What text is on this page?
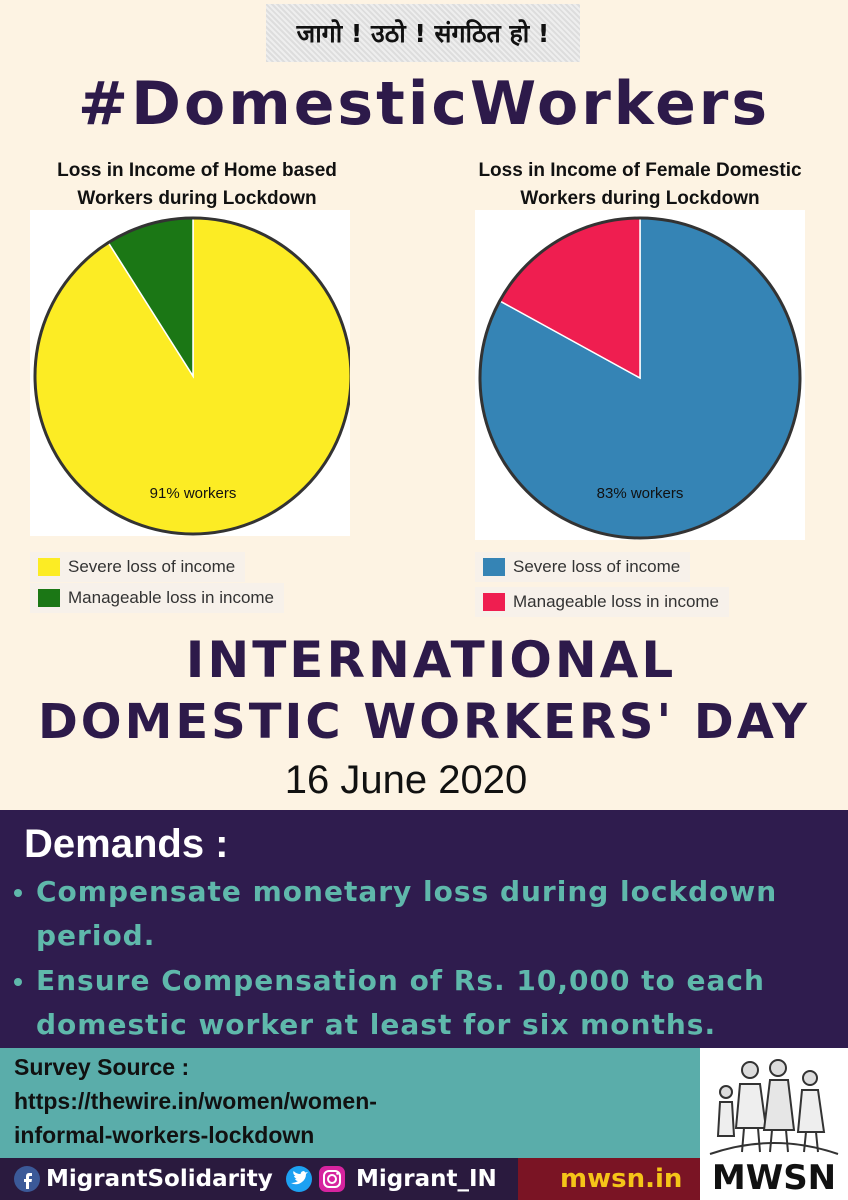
जागो ! उठो ! संगठित हो !
#DomesticWorkers
Loss in Income of Home based
Workers during Lockdown
91% workers
Severe loss of income
Manageable loss in income
Loss in Income of Female Domestic
Workers during Lockdown
83% workers
Severe loss of income
Manageable loss in income
INTERNATIONAL
DOMESTIC WORKERS' DAY
16 June 2020
Demands :
Compensate monetary loss during lockdown
period.
Ensure Compensation of Rs. 10,000 to each
domestic worker at least for six months.
Survey Source :
https://thewire.in/women/women-
informal-workers-lockdown
MWSN
MigrantSolidarity	Migrant_IN mwsn.in
